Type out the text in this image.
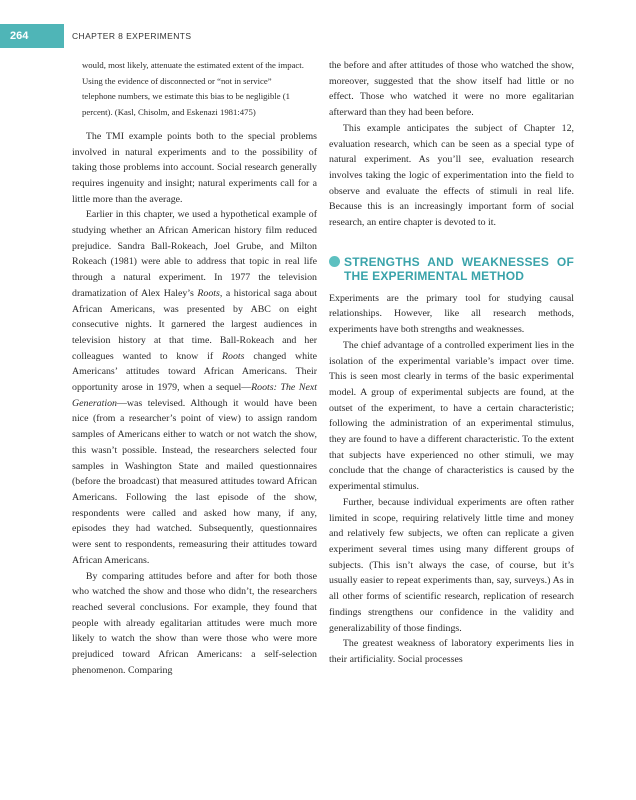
264	CHAPTER 8 EXPERIMENTS
would, most likely, attenuate the estimated extent of the impact. Using the evidence of disconnected or “not in service” telephone numbers, we estimate this bias to be negligible (1 percent). (Kasl, Chisolm, and Eskenazi 1981:475)

The TMI example points both to the special problems involved in natural experiments and to the possibility of taking those problems into account. Social research generally requires ingenuity and insight; natural experiments call for a little more than the average.

Earlier in this chapter, we used a hypothetical example of studying whether an African American history film reduced prejudice. Sandra Ball-Rokeach, Joel Grube, and Milton Rokeach (1981) were able to address that topic in real life through a natural experiment. In 1977 the television dramatization of Alex Haley’s Roots, a historical saga about African Americans, was presented by ABC on eight consecutive nights. It garnered the largest audiences in television history at that time. Ball-Rokeach and her colleagues wanted to know if Roots changed white Americans’ attitudes toward African Americans. Their opportunity arose in 1979, when a sequel—Roots: The Next Generation—was televised. Although it would have been nice (from a researcher’s point of view) to assign random samples of Americans either to watch or not watch the show, this wasn’t possible. Instead, the researchers selected four samples in Washington State and mailed questionnaires (before the broadcast) that measured attitudes toward African Americans. Following the last episode of the show, respondents were called and asked how many, if any, episodes they had watched. Subsequently, questionnaires were sent to respondents, remeasuring their attitudes toward African Americans.

By comparing attitudes before and after for both those who watched the show and those who didn’t, the researchers reached several conclusions. For example, they found that people with already egalitarian attitudes were much more likely to watch the show than were those who were more prejudiced toward African Americans: a self-selection phenomenon. Comparing

the before and after attitudes of those who watched the show, moreover, suggested that the show itself had little or no effect. Those who watched it were no more egalitarian afterward than they had been before.

This example anticipates the subject of Chapter 12, evaluation research, which can be seen as a special type of natural experiment. As you’ll see, evaluation research involves taking the logic of experimentation into the field to observe and evaluate the effects of stimuli in real life. Because this is an increasingly important form of social research, an entire chapter is devoted to it.

STRENGTHS AND WEAKNESSES OF THE EXPERIMENTAL METHOD

Experiments are the primary tool for studying causal relationships. However, like all research methods, experiments have both strengths and weaknesses.

The chief advantage of a controlled experiment lies in the isolation of the experimental variable’s impact over time. This is seen most clearly in terms of the basic experimental model. A group of experimental subjects are found, at the outset of the experiment, to have a certain characteristic; following the administration of an experimental stimulus, they are found to have a different characteristic. To the extent that subjects have experienced no other stimuli, we may conclude that the change of characteristics is caused by the experimental stimulus.

Further, because individual experiments are often rather limited in scope, requiring relatively little time and money and relatively few subjects, we often can replicate a given experiment several times using many different groups of subjects. (This isn’t always the case, of course, but it’s usually easier to repeat experiments than, say, surveys.) As in all other forms of scientific research, replication of research findings strengthens our confidence in the validity and generalizability of those findings.

The greatest weakness of laboratory experiments lies in their artificiality. Social processes
